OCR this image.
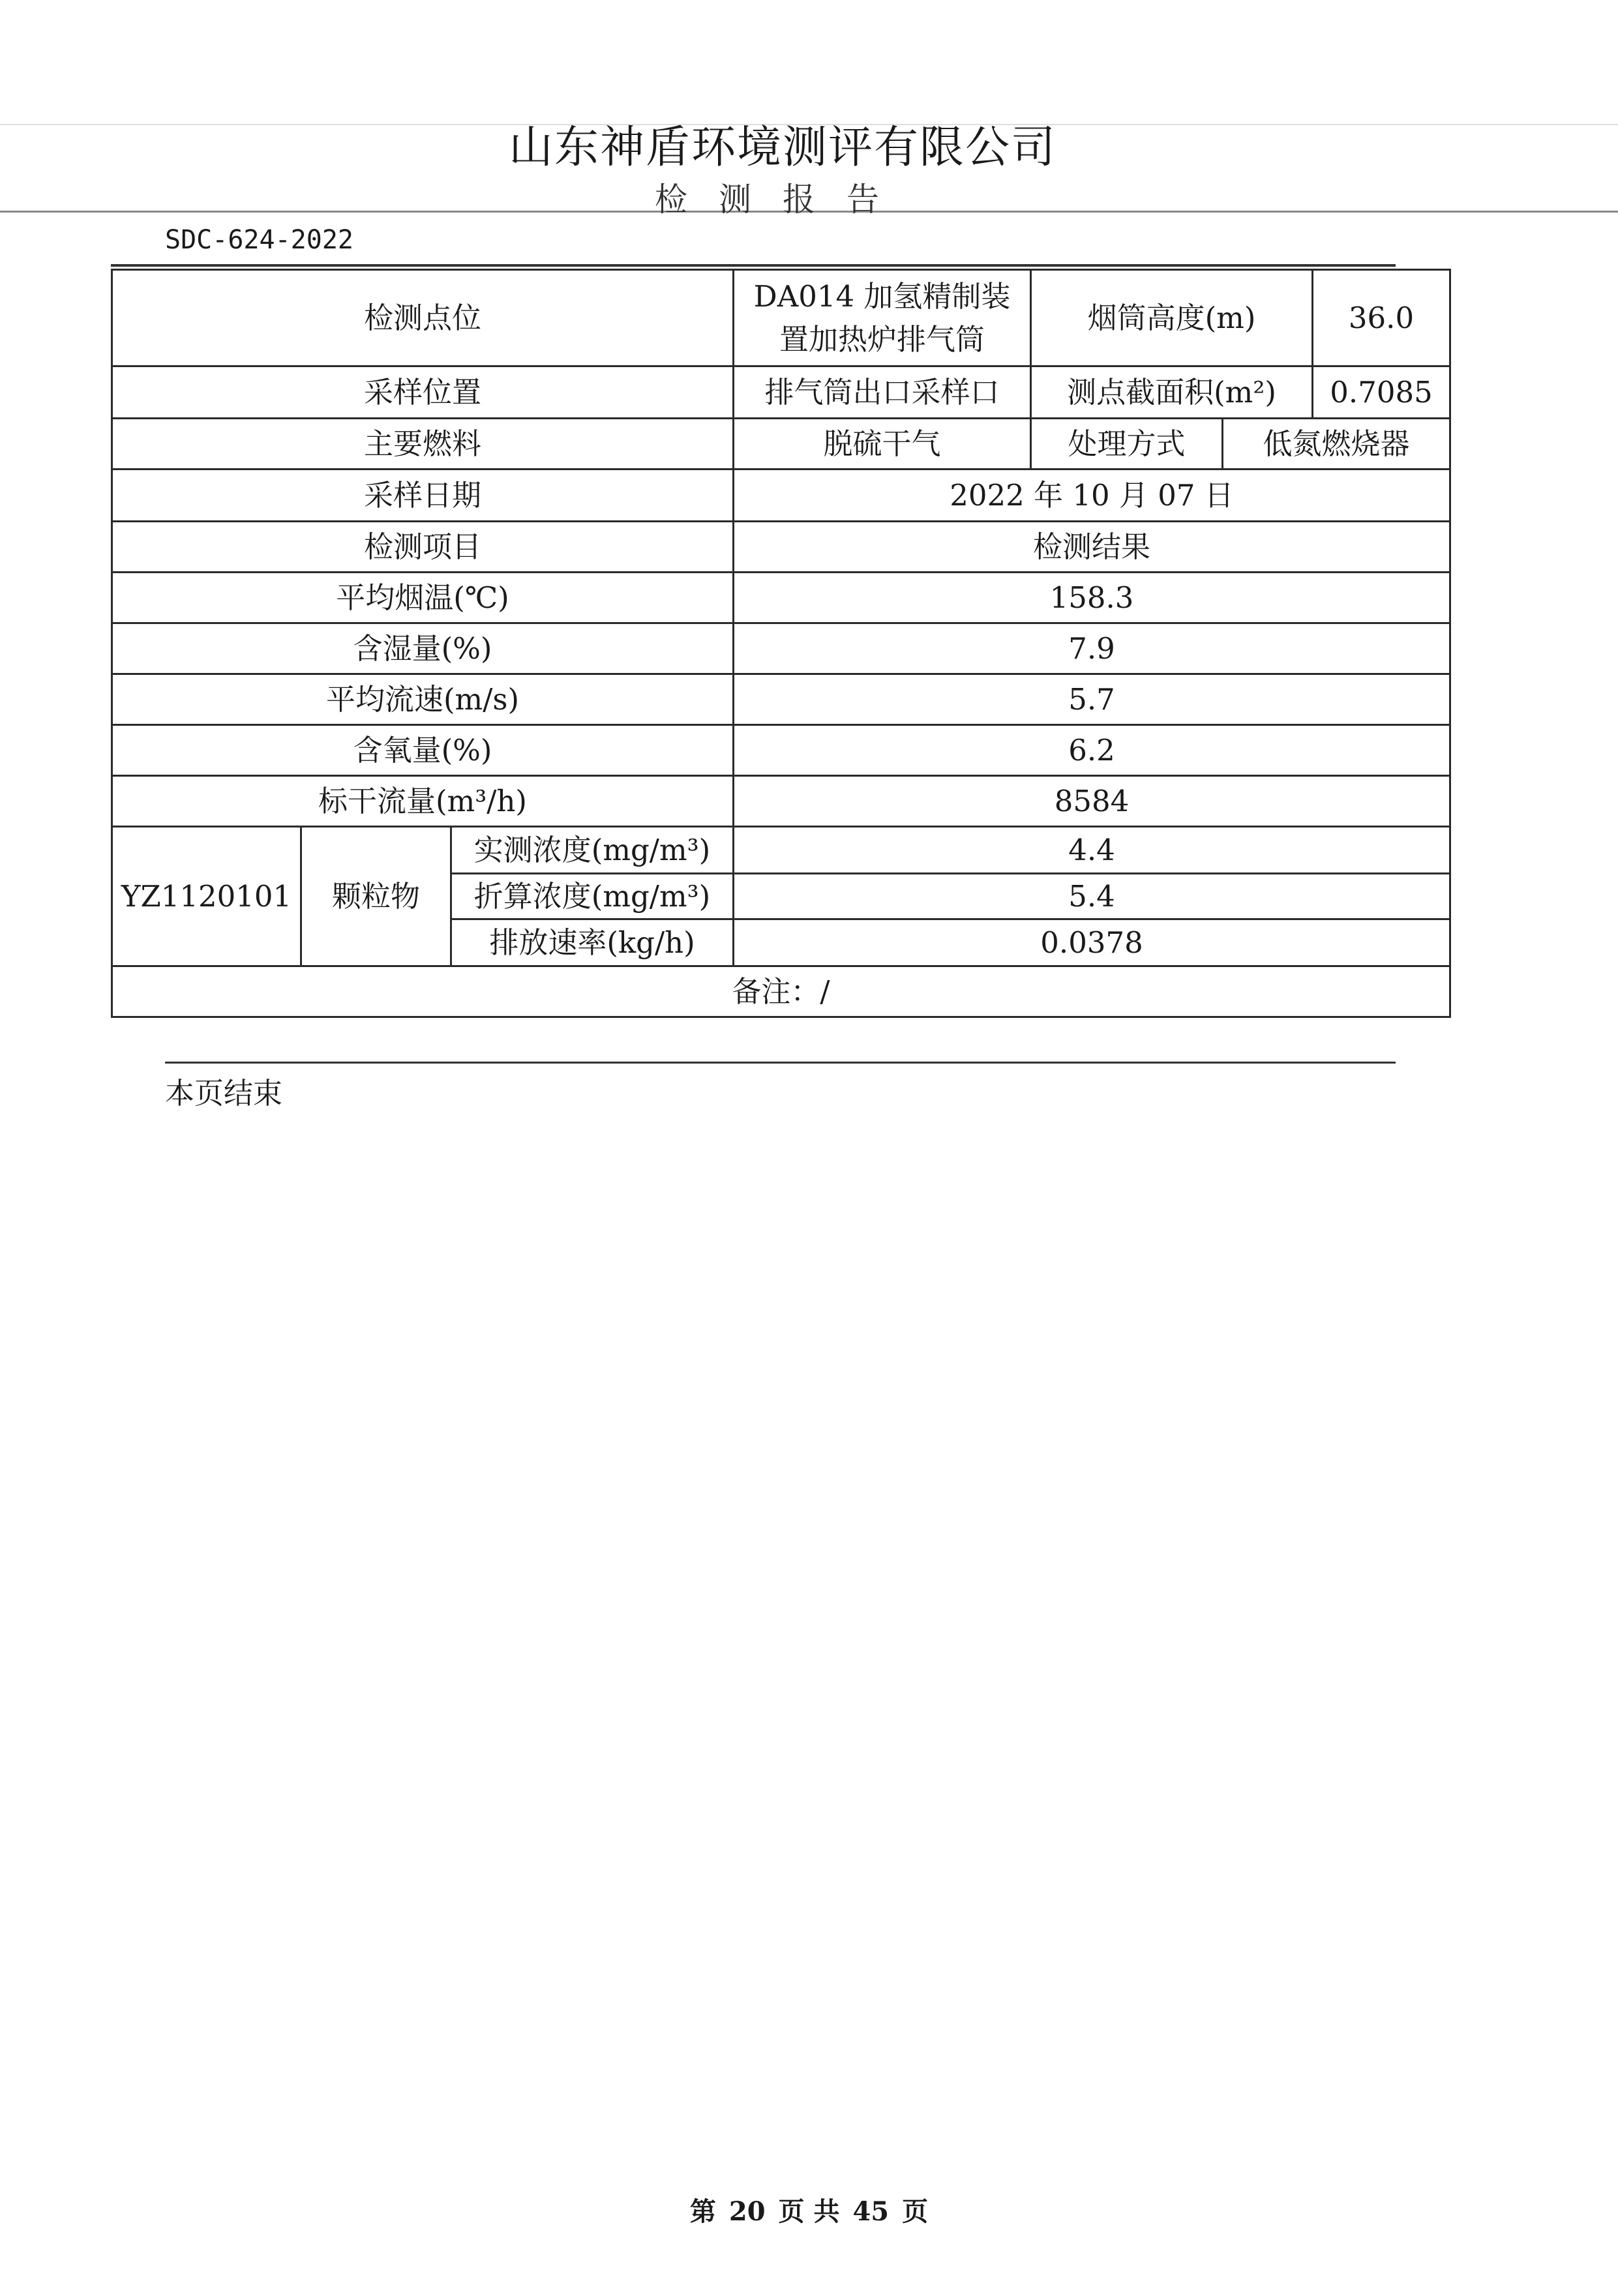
山东神盾环境测评有限公司
检测报告
SDC-624-2022
检测点位			DA014 加氢精制装置加热炉排气筒	烟筒高度(m)		36.0
采样位置			排气筒出口采样口	测点截面积(m²)		0.7085
主要燃料			脱硫干气	处理方式	低氮燃烧器	
采样日期			2022 年 10 月 07 日			
检测项目			检测结果			
平均烟温(℃)			158.3			
含湿量(%)			7.9			
平均流速(m/s)			5.7			
含氧量(%)			6.2			
标干流量(m³/h)			8584			
YZ1120101	颗粒物	实测浓度(mg/m³)	4.4			
		折算浓度(mg/m³)	5.4			
		排放速率(kg/h)	0.0378			
备注：/						
本页结束
第 20 页 共 45 页
